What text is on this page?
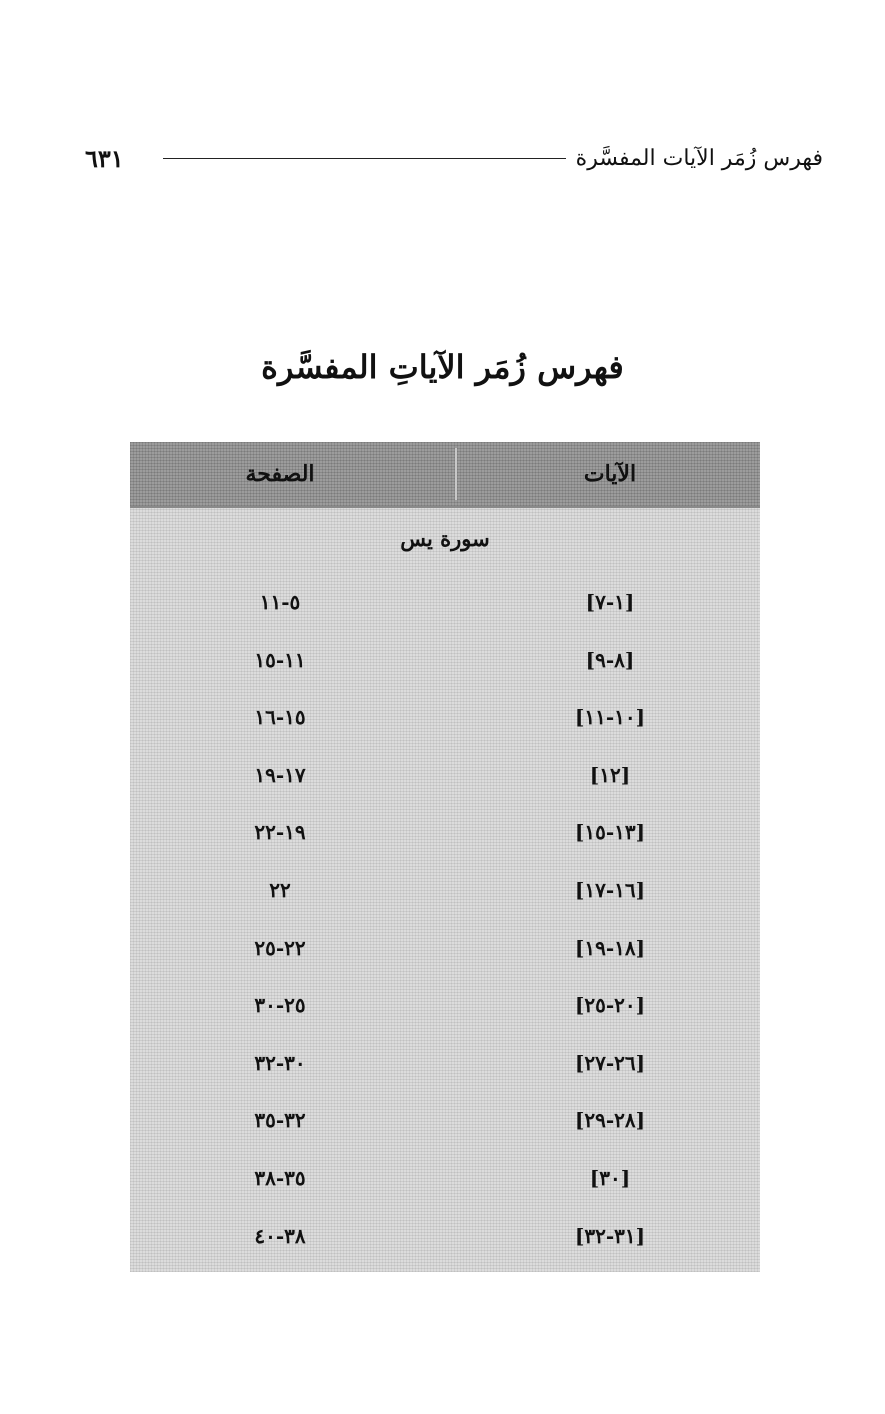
٦٣١	فهرس زُمَر الآيات المفسَّرة
فهرس زُمَر الآياتِ المفسَّرة
الآيات
الصفحة
سورة يس
[١-٧]
٥-١١
[٨-٩]
١١-١٥
[١٠-١١]
١٥-١٦
[١٢]
١٧-١٩
[١٣-١٥]
١٩-٢٢
[١٦-١٧]
٢٢
[١٨-١٩]
٢٢-٢٥
[٢٠-٢٥]
٢٥-٣٠
[٢٦-٢٧]
٣٠-٣٢
[٢٨-٢٩]
٣٢-٣٥
[٣٠]
٣٥-٣٨
[٣١-٣٢]
٣٨-٤٠
